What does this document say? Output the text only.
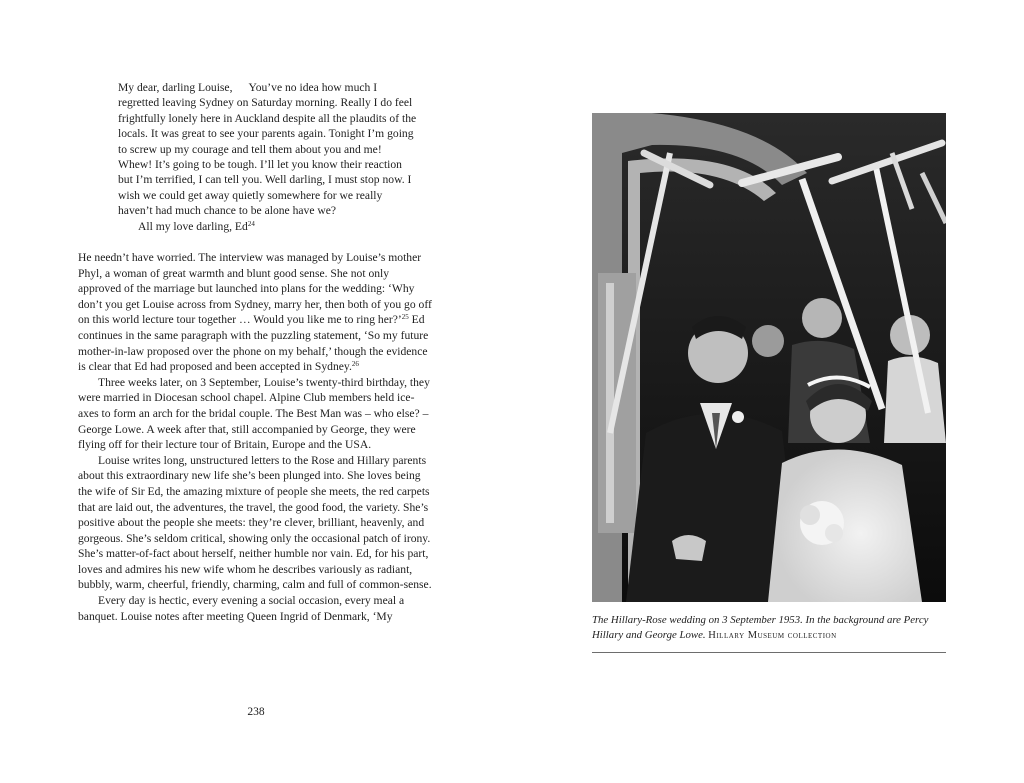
My dear, darling Louise, You’ve no idea how much I regretted leaving Sydney on Saturday morning. Really I do feel frightfully lonely here in Auckland despite all the plaudits of the locals. It was great to see your parents again. Tonight I’m going to screw up my courage and tell them about you and me! Whew! It’s going to be tough. I’ll let you know their reaction but I’m terrified, I can tell you. Well darling, I must stop now. I wish we could get away quietly somewhere for we really haven’t had much chance to be alone have we?

All my love darling, Ed$^{24}$

He needn’t have worried. The interview was managed by Louise’s mother Phyl, a woman of great warmth and blunt good sense. She not only approved of the marriage but launched into plans for the wedding: ‘Why don’t you get Louise across from Sydney, marry her, then both of you go off on this world lecture tour together … Would you like me to ring her?’$^{25}$ Ed continues in the same paragraph with the puzzling statement, ‘So my future mother-in-law proposed over the phone on my behalf,’ though the evidence is clear that Ed had proposed and been accepted in Sydney.$^{26}$

Three weeks later, on 3 September, Louise’s twenty-third birthday, they were married in Diocesan school chapel. Alpine Club members held ice-axes to form an arch for the bridal couple. The Best Man was – who else? – George Lowe. A week after that, still accompanied by George, they were flying off for their lecture tour of Britain, Europe and the USA.

Louise writes long, unstructured letters to the Rose and Hillary parents about this extraordinary new life she’s been plunged into. She loves being the wife of Sir Ed, the amazing mixture of people she meets, the red carpets that are laid out, the adventures, the travel, the good food, the variety. She’s positive about the people she meets: they’re clever, brilliant, heavenly, and gorgeous. She’s seldom critical, showing only the occasional patch of irony. She’s matter-of-fact about herself, neither humble nor vain. Ed, for his part, loves and admires his new wife whom he describes variously as radiant, bubbly, warm, cheerful, friendly, charming, calm and full of common-sense.

Every day is hectic, every evening a social occasion, every meal a banquet. Louise notes after meeting Queen Ingrid of Denmark, ‘My

238
The Hillary-Rose wedding on 3 September 1953. In the background are Percy Hillary and George Lowe. Hillary Museum collection
